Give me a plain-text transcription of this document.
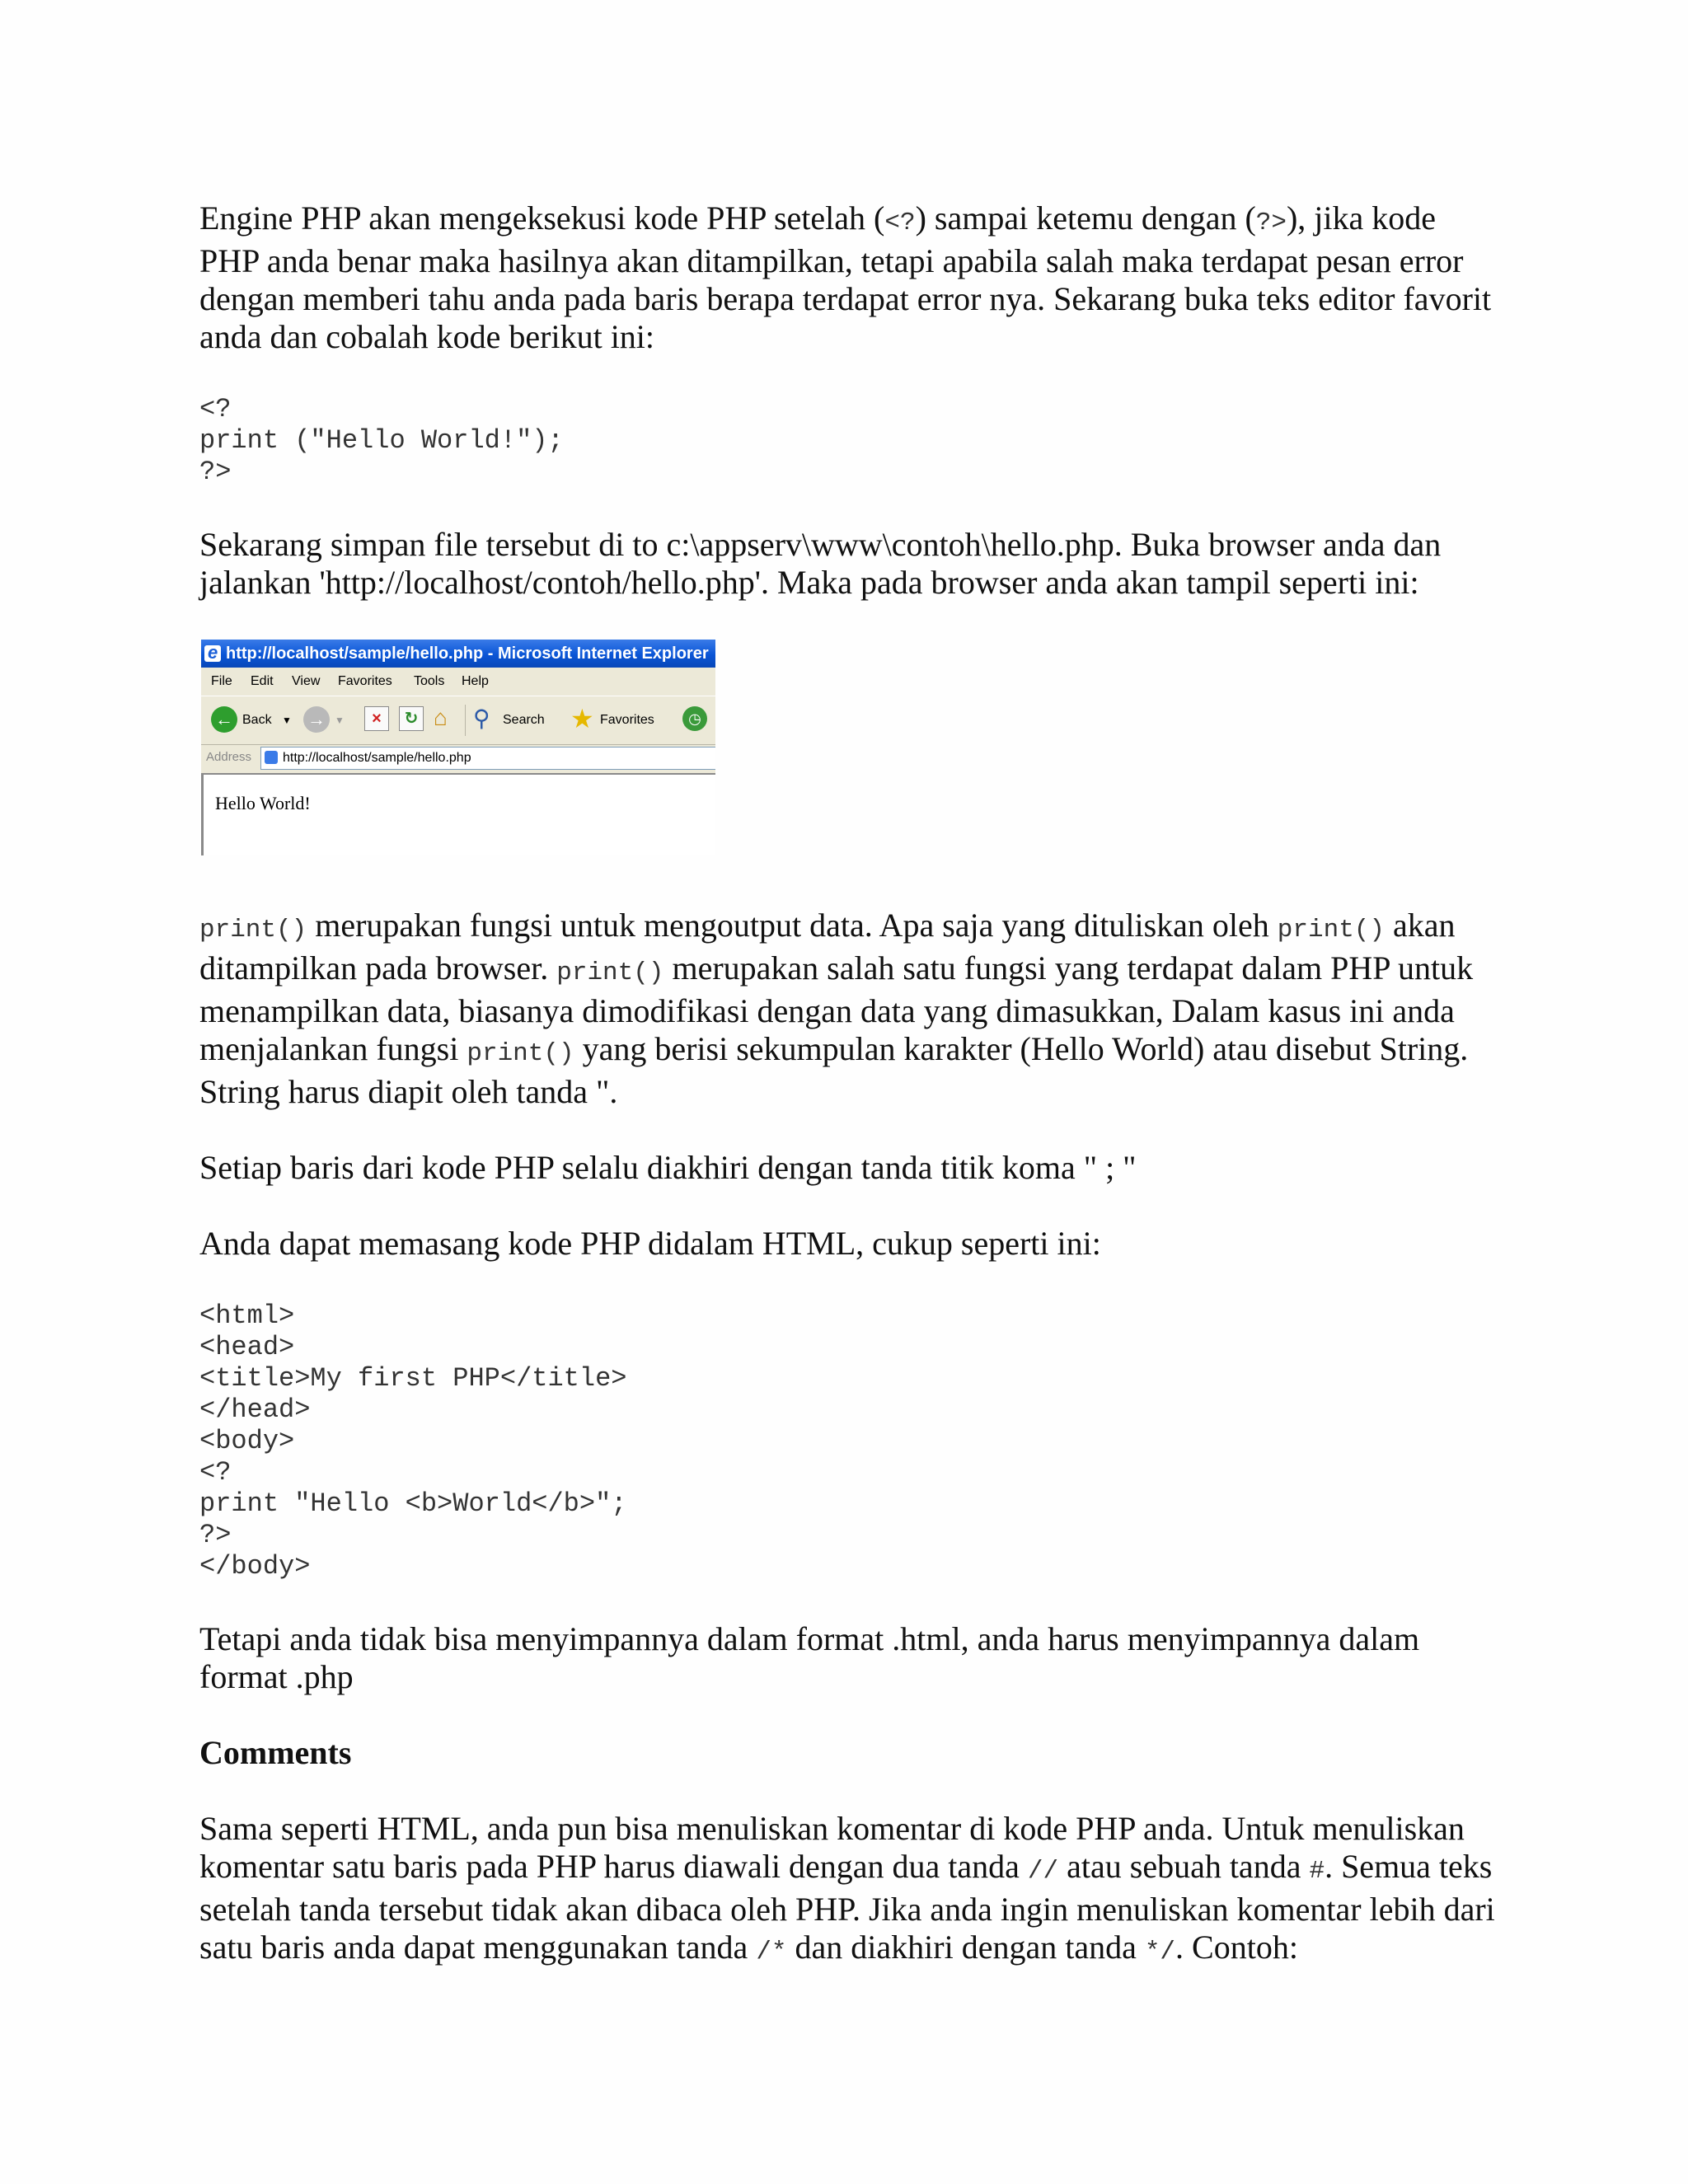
Engine PHP akan mengeksekusi kode PHP setelah (<?) sampai ketemu dengan (?>), jika kode PHP anda benar maka hasilnya akan ditampilkan, tetapi apabila salah maka terdapat pesan error dengan memberi tahu anda pada baris berapa terdapat error nya. Sekarang buka teks editor favorit anda dan cobalah kode berikut ini:

<?
print ("Hello World!");
?>

Sekarang simpan file tersebut di to c:\appserv\www\contoh\hello.php. Buka browser anda dan jalankan 'http://localhost/contoh/hello.php'. Maka pada browser anda akan tampil seperti ini:

e
http://localhost/sample/hello.php - Microsoft Internet Explorer
File Edit View Favorites Tools Help
← Back ▼ → ▼	×	↻ ⌂ ⚲ Search ★ Favorites	◷
Address http://localhost/sample/hello.php
Hello World!

print() merupakan fungsi untuk mengoutput data. Apa saja yang dituliskan oleh print() akan ditampilkan pada browser. print() merupakan salah satu fungsi yang terdapat dalam PHP untuk menampilkan data, biasanya dimodifikasi dengan data yang dimasukkan, Dalam kasus ini anda menjalankan fungsi print() yang berisi sekumpulan karakter (Hello World) atau disebut String. String harus diapit oleh tanda ".

Setiap baris dari kode PHP selalu diakhiri dengan tanda titik koma " ; "

Anda dapat memasang kode PHP didalam HTML, cukup seperti ini:

<html>
<head>
<title>My first PHP</title>
</head>
<body>
<?
print "Hello <b>World</b>";
?>
</body>

Tetapi anda tidak bisa menyimpannya dalam format .html, anda harus menyimpannya dalam format .php

Comments

Sama seperti HTML, anda pun bisa menuliskan komentar di kode PHP anda. Untuk menuliskan komentar satu baris pada PHP harus diawali dengan dua tanda // atau sebuah tanda #. Semua teks setelah tanda tersebut tidak akan dibaca oleh PHP. Jika anda ingin menuliskan komentar lebih dari satu baris anda dapat menggunakan tanda /* dan diakhiri dengan tanda */. Contoh:
